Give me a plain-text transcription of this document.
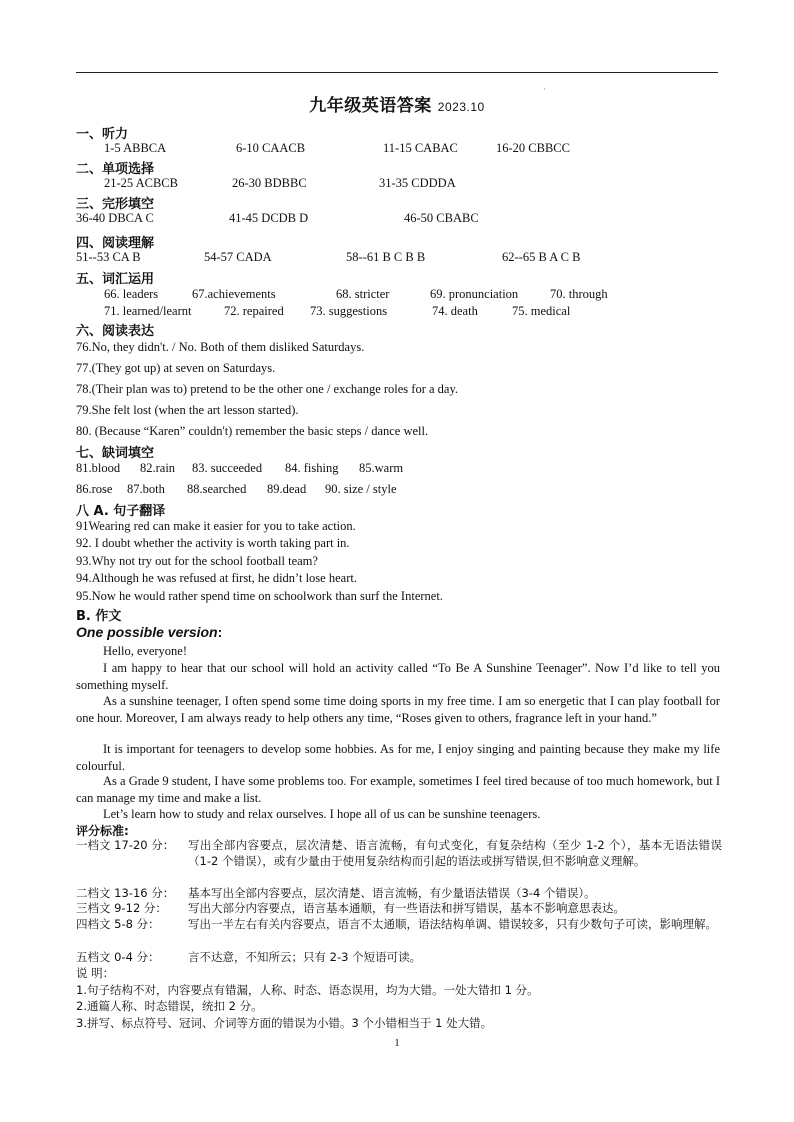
·
九年级英语答案 2023.10
一、听力
1-5 ABBCA	6-10 CAACB	11-15 CABAC	16-20 CBBCC
二、单项选择
21-25 ACBCB	26-30 BDBBC	31-35 CDDDA
三、完形填空
36-40 DBCA C	41-45 DCDB D	46-50 CBABC
四、阅读理解
51--53 CA B	54-57 CADA	58--61 B C B B	62--65 B A C B
五、词汇运用
66. leaders	67.achievements	68. stricter	69. pronunciation	70. through
71. learned/learnt	72. repaired 73. suggestions	74. death	75. medical
六、阅读表达
76.No, they didn't. / No. Both of them disliked Saturdays.
77.(They got up) at seven on Saturdays.
78.(Their plan was to) pretend to be the other one / exchange roles for a day.
79.She felt lost (when the art lesson started).
80. (Because “Karen” couldn't) remember the basic steps / dance well.
七、缺词填空
81.blood 82.rain 83. succeeded 84. fishing 85.warm
86.rose 87.both 88.searched 89.dead 90. size / style
八 A. 句子翻译
91Wearing red can make it easier for you to take action.
92. I doubt whether the activity is worth taking part in.
93.Why not try out for the school football team?
94.Although he was refused at first, he didn’t lose heart.
95.Now he would rather spend time on schoolwork than surf the Internet.
B. 作文
One possible version:

Hello, everyone!

I am happy to hear that our school will hold an activity called “To Be A Sunshine Teenager”. Now I’d like to tell you something myself.

As a sunshine teenager, I often spend some time doing sports in my free time. I am so energetic that I can play football for one hour. Moreover, I am always ready to help others any time, “Roses given to others, fragrance left in your hand.”

It is important for teenagers to develop some hobbies. As for me, I enjoy singing and painting because they make my life colourful.

As a Grade 9 student, I have some problems too. For example, sometimes I feel tired because of too much homework, but I can manage my time and make a list.

Let’s learn how to study and relax ourselves. I hope all of us can be sunshine teenagers.

评分标准:
一档文 17-20 分： 写出全部内容要点，层次清楚、语言流畅，有句式变化，有复杂结构（至少 1-2 个），基本无语法错误（1-2 个错误），或有少量由于使用复杂结构而引起的语法或拼写错误,但不影响意义理解。
二档文 13-16 分： 基本写出全部内容要点，层次清楚、语言流畅，有少量语法错误（3-4 个错误）。
三档文 9-12 分： 写出大部分内容要点，语言基本通顺，有一些语法和拼写错误，基本不影响意思表达。
四档文 5-8 分： 写出一半左右有关内容要点，语言不太通顺，语法结构单调、错误较多，只有少数句子可读，影响理解。
五档文 0-4 分： 言不达意，不知所云；只有 2-3 个短语可读。
说 明：
1.句子结构不对，内容要点有错漏，人称、时态、语态误用，均为大错。一处大错扣 1 分。
2.通篇人称、时态错误，统扣 2 分。
3.拼写、标点符号、冠词、介词等方面的错误为小错。3 个小错相当于 1 处大错。
1
